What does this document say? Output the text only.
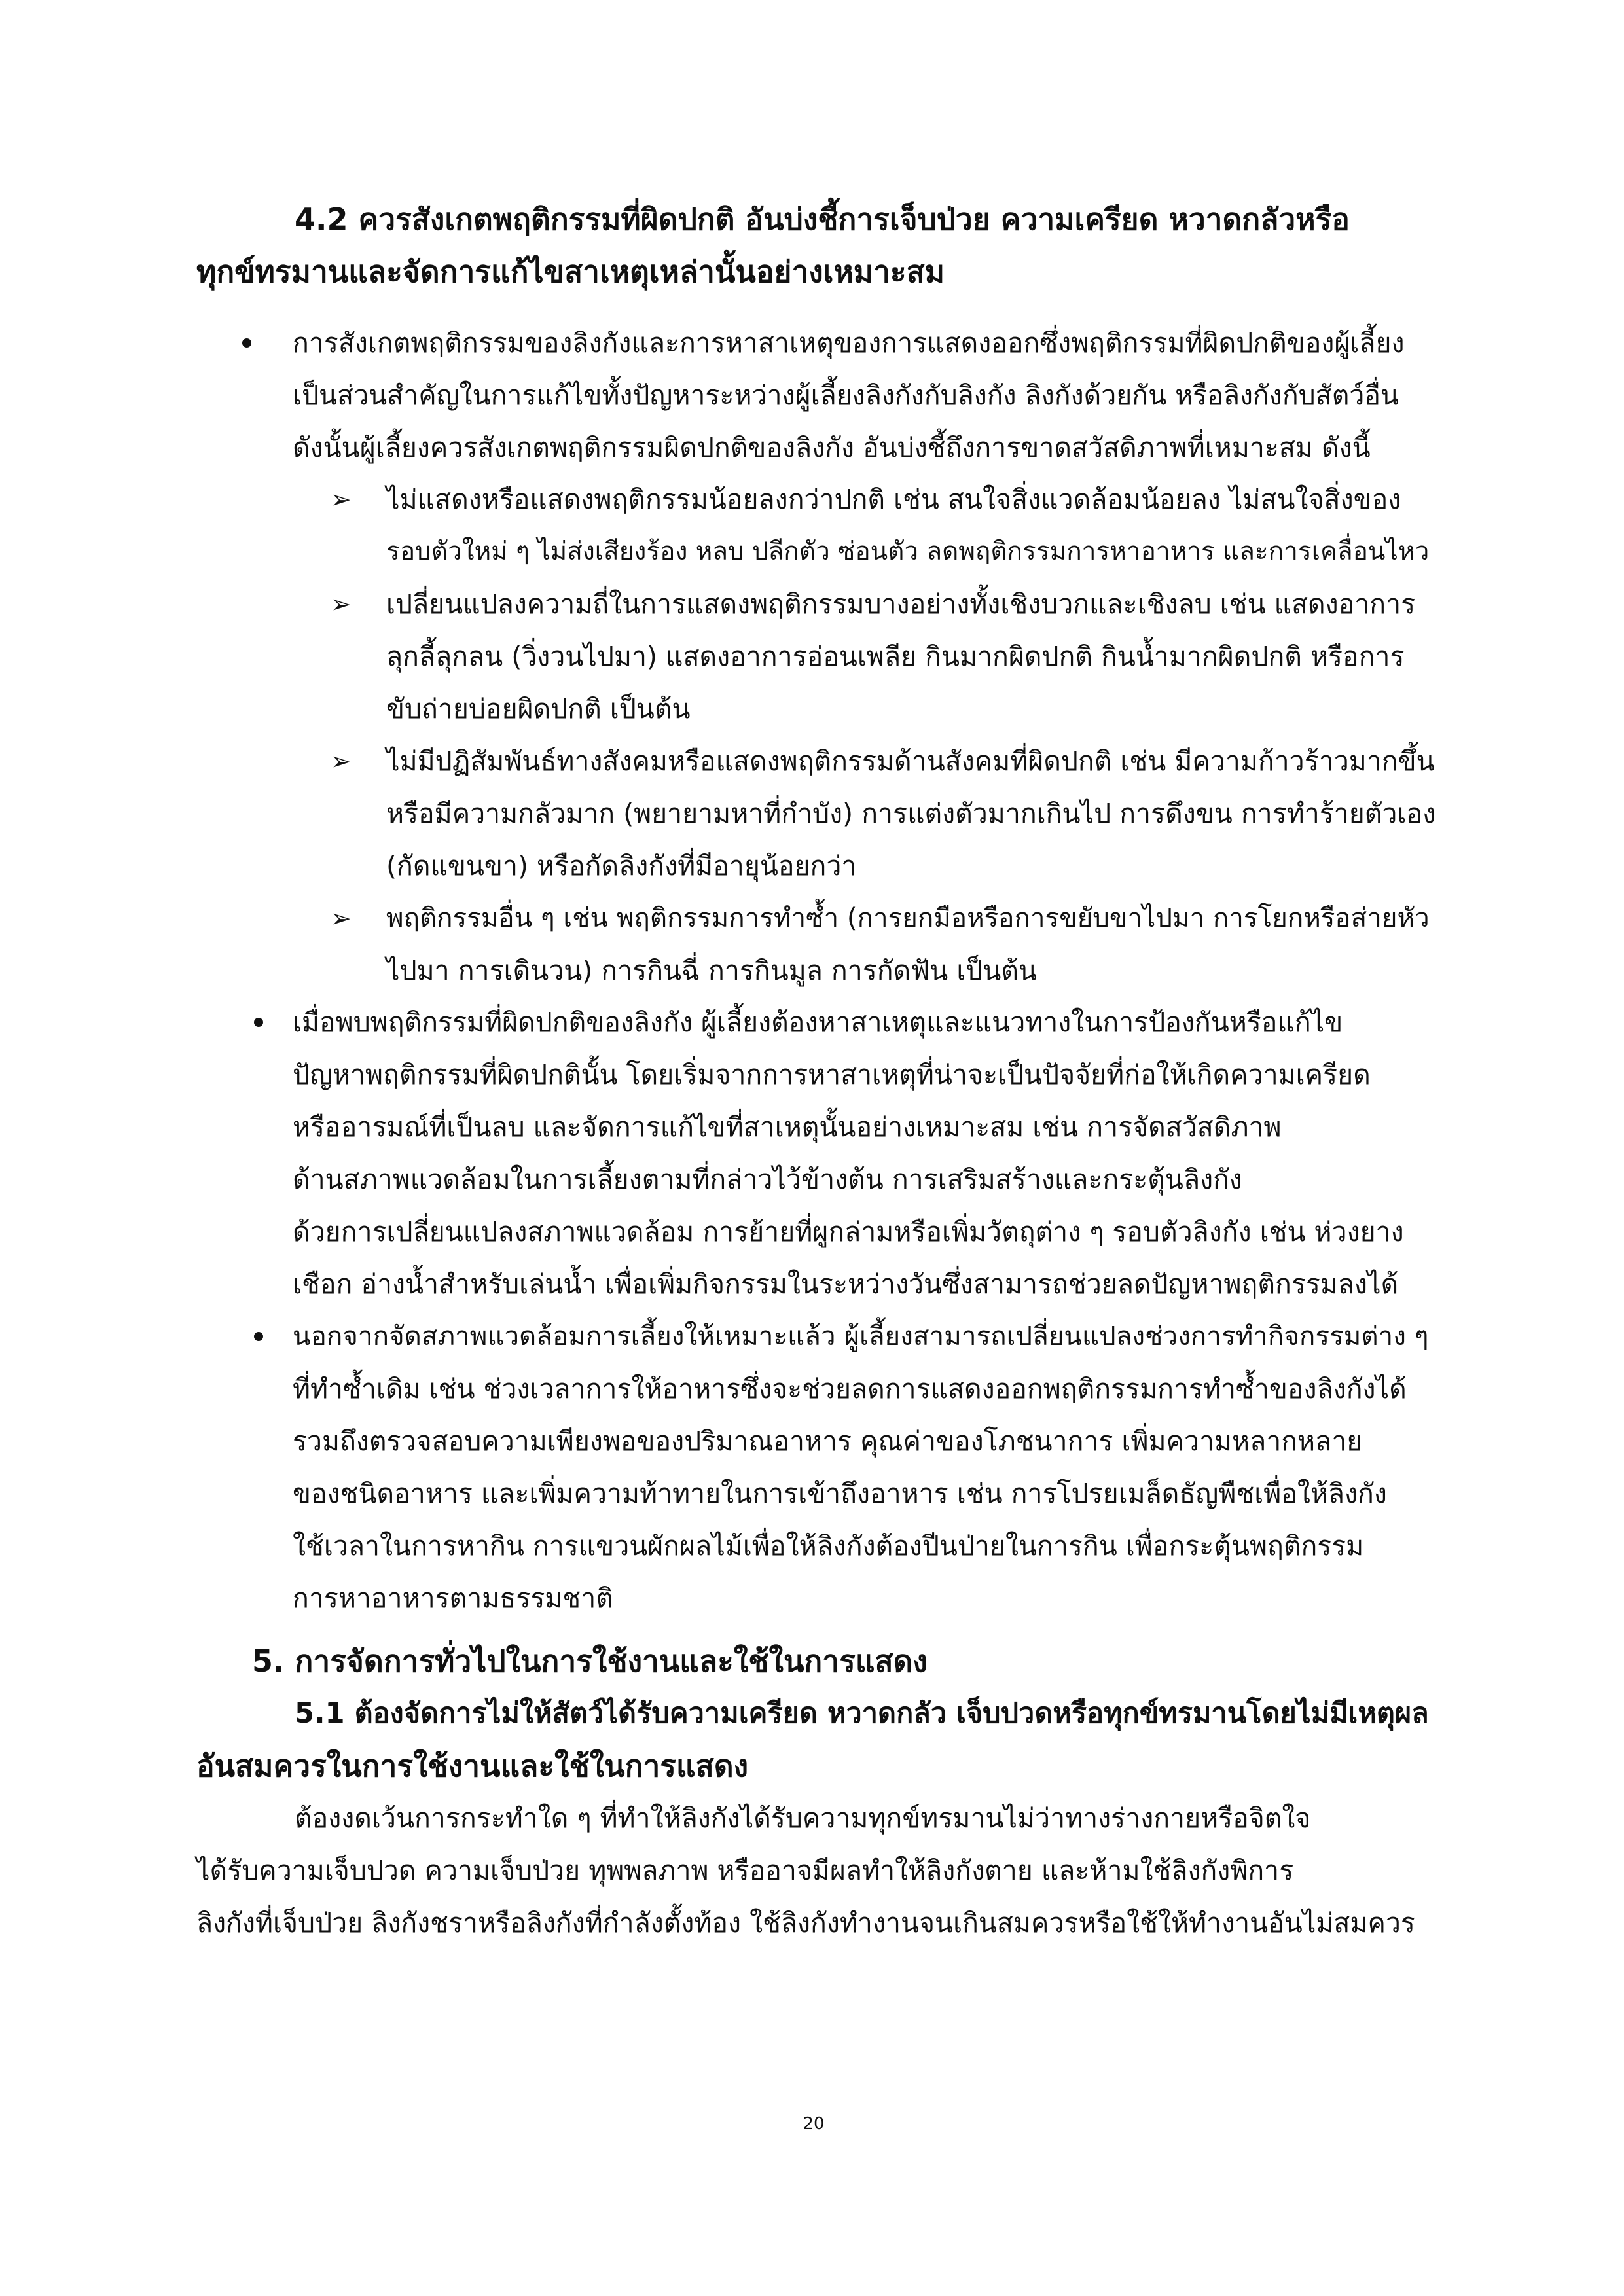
4.2 ควรสังเกตพฤติกรรมที่ผิดปกติ อันบ่งชี้การเจ็บป่วย ความเครียด หวาดกลัวหรือ
ทุกข์ทรมานและจัดการแก้ไขสาเหตุเหล่านั้นอย่างเหมาะสม
การสังเกตพฤติกรรมของลิงกังและการหาสาเหตุของการแสดงออกซึ่งพฤติกรรมที่ผิดปกติของผู้เลี้ยง
เป็นส่วนสำคัญในการแก้ไขทั้งปัญหาระหว่างผู้เลี้ยงลิงกังกับลิงกัง ลิงกังด้วยกัน หรือลิงกังกับสัตว์อื่น
ดังนั้นผู้เลี้ยงควรสังเกตพฤติกรรมผิดปกติของลิงกัง อันบ่งชี้ถึงการขาดสวัสดิภาพที่เหมาะสม ดังนี้
➢ ไม่แสดงหรือแสดงพฤติกรรมน้อยลงกว่าปกติ เช่น สนใจสิ่งแวดล้อมน้อยลง ไม่สนใจสิ่งของ
รอบตัวใหม่ ๆ ไม่ส่งเสียงร้อง หลบ ปลีกตัว ซ่อนตัว ลดพฤติกรรมการหาอาหาร และการเคลื่อนไหว
➢ เปลี่ยนแปลงความถี่ในการแสดงพฤติกรรมบางอย่างทั้งเชิงบวกและเชิงลบ เช่น แสดงอาการ
ลุกลี้ลุกลน (วิ่งวนไปมา) แสดงอาการอ่อนเพลีย กินมากผิดปกติ กินน้ำมากผิดปกติ หรือการ
ขับถ่ายบ่อยผิดปกติ เป็นต้น
➢ ไม่มีปฏิสัมพันธ์ทางสังคมหรือแสดงพฤติกรรมด้านสังคมที่ผิดปกติ เช่น มีความก้าวร้าวมากขึ้น
หรือมีความกลัวมาก (พยายามหาที่กำบัง) การแต่งตัวมากเกินไป การดึงขน การทำร้ายตัวเอง
(กัดแขนขา) หรือกัดลิงกังที่มีอายุน้อยกว่า
➢ พฤติกรรมอื่น ๆ เช่น พฤติกรรมการทำซ้ำ (การยกมือหรือการขยับขาไปมา การโยกหรือส่ายหัว
ไปมา การเดินวน) การกินฉี่ การกินมูล การกัดฟัน เป็นต้น
เมื่อพบพฤติกรรมที่ผิดปกติของลิงกัง ผู้เลี้ยงต้องหาสาเหตุและแนวทางในการป้องกันหรือแก้ไข
ปัญหาพฤติกรรมที่ผิดปกตินั้น โดยเริ่มจากการหาสาเหตุที่น่าจะเป็นปัจจัยที่ก่อให้เกิดความเครียด
หรืออารมณ์ที่เป็นลบ และจัดการแก้ไขที่สาเหตุนั้นอย่างเหมาะสม เช่น การจัดสวัสดิภาพ
ด้านสภาพแวดล้อมในการเลี้ยงตามที่กล่าวไว้ข้างต้น การเสริมสร้างและกระตุ้นลิงกัง
ด้วยการเปลี่ยนแปลงสภาพแวดล้อม การย้ายที่ผูกล่ามหรือเพิ่มวัตถุต่าง ๆ รอบตัวลิงกัง เช่น ห่วงยาง
เชือก อ่างน้ำสำหรับเล่นน้ำ เพื่อเพิ่มกิจกรรมในระหว่างวันซึ่งสามารถช่วยลดปัญหาพฤติกรรมลงได้
นอกจากจัดสภาพแวดล้อมการเลี้ยงให้เหมาะแล้ว ผู้เลี้ยงสามารถเปลี่ยนแปลงช่วงการทำกิจกรรมต่าง ๆ
ที่ทำซ้ำเดิม เช่น ช่วงเวลาการให้อาหารซึ่งจะช่วยลดการแสดงออกพฤติกรรมการทำซ้ำของลิงกังได้
รวมถึงตรวจสอบความเพียงพอของปริมาณอาหาร คุณค่าของโภชนาการ เพิ่มความหลากหลาย
ของชนิดอาหาร และเพิ่มความท้าทายในการเข้าถึงอาหาร เช่น การโปรยเมล็ดธัญพืชเพื่อให้ลิงกัง
ใช้เวลาในการหากิน การแขวนผักผลไม้เพื่อให้ลิงกังต้องปีนป่ายในการกิน เพื่อกระตุ้นพฤติกรรม
การหาอาหารตามธรรมชาติ
5. การจัดการทั่วไปในการใช้งานและใช้ในการแสดง
5.1 ต้องจัดการไม่ให้สัตว์ได้รับความเครียด หวาดกลัว เจ็บปวดหรือทุกข์ทรมานโดยไม่มีเหตุผล
อันสมควรในการใช้งานและใช้ในการแสดง
ต้องงดเว้นการกระทำใด ๆ ที่ทำให้ลิงกังได้รับความทุกข์ทรมานไม่ว่าทางร่างกายหรือจิตใจ
ได้รับความเจ็บปวด ความเจ็บป่วย ทุพพลภาพ หรืออาจมีผลทำให้ลิงกังตาย และห้ามใช้ลิงกังพิการ
ลิงกังที่เจ็บป่วย ลิงกังชราหรือลิงกังที่กำลังตั้งท้อง ใช้ลิงกังทำงานจนเกินสมควรหรือใช้ให้ทำงานอันไม่สมควร
20
